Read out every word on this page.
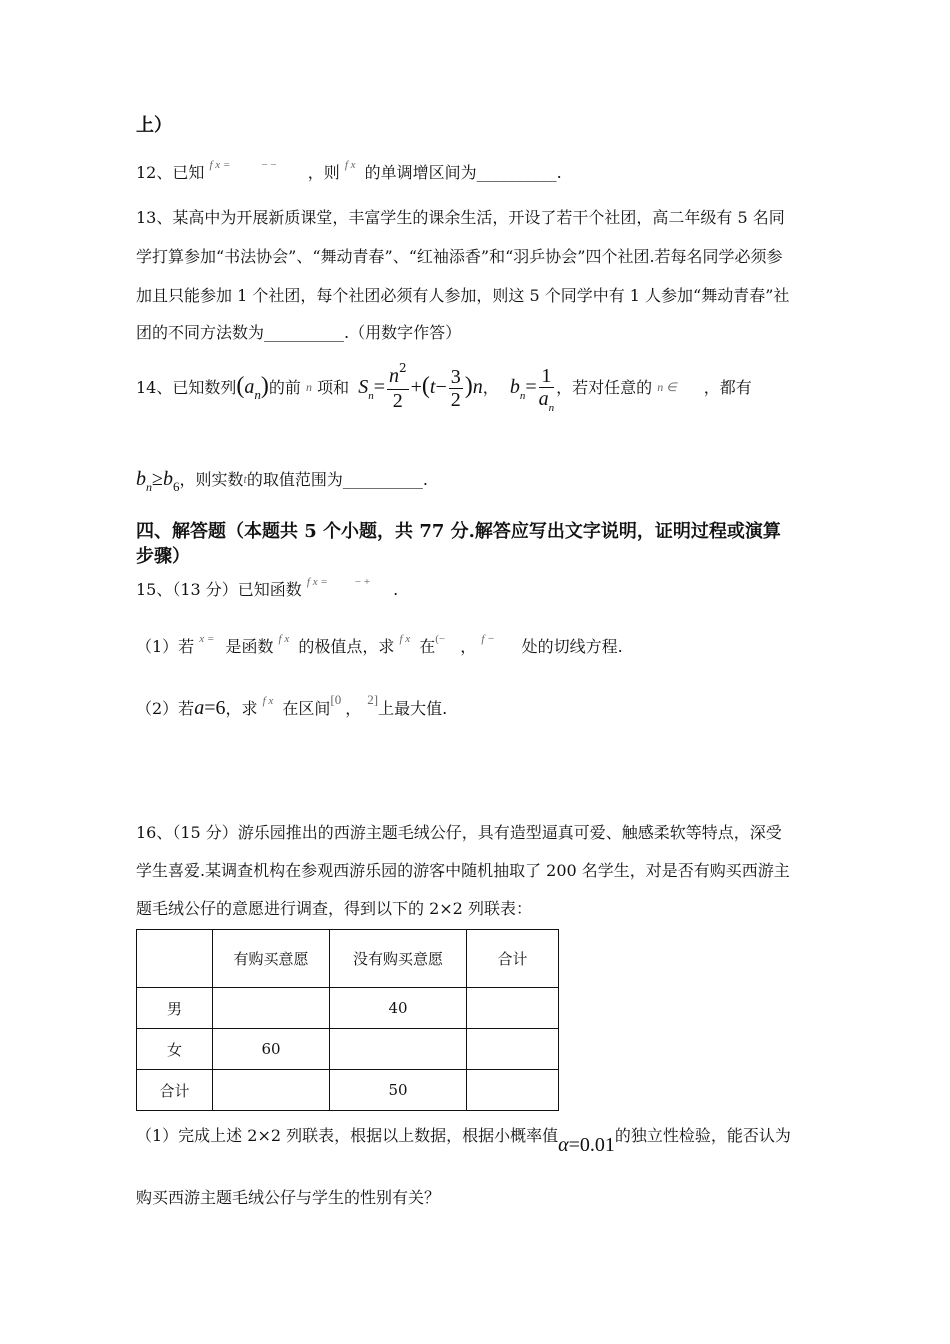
上）
12、已知 $^{f x =}$	− − ，则 $^{f x}$ 的单调增区间为__________.
13、某高中为开展新质课堂，丰富学生的课余生活，开设了若干个社团，高二年级有 5 名同
学打算参加“书法协会”、“舞动青春”、“红袖添香”和“羽乒协会”四个社团.若每名同学必须参
加且只能参加 1 个社团，每个社团必须有人参加，则这 5 个同学中有 1 人参加“舞动青春”社
团的不同方法数为__________.（用数字作答）
14、已知数列$(a_n)$的前 n 项和 $S_n= \frac{n^2}{2} +(t- \frac{3}{2} )n$， $b_n= \frac{1}{a_n}$ ，若对任意的 n ∈ ，都有
$b_n\ge b_6$，则实数t的取值范围为__________.
四、解答题（本题共 5 个小题，共 77 分.解答应写出文字说明，证明过程或演算
步骤）
15、（13 分）已知函数 $^{f x =}$ − + .
（1）若 $^{x =}$ 是函数 $^{f x}$ 的极值点，求 $^{f x}$ 在(− ， $^{f -}$ 处的切线方程.
（2）若a=6，求 $^{f x}$ 在区间$^{[0}$ ， $^{2]}$上最大值.
16、（15 分）游乐园推出的西游主题毛绒公仔，具有造型逼真可爱、触感柔软等特点，深受
学生喜爱.某调查机构在参观西游乐园的游客中随机抽取了 200 名学生，对是否有购买西游主
题毛绒公仔的意愿进行调查，得到以下的 2×2 列联表：
	有购买意愿	没有购买意愿	合计
男		40	
女	60		
合计		50	
（1）完成上述 2×2 列联表，根据以上数据，根据小概率值α=0.01的独立性检验，能否认为
购买西游主题毛绒公仔与学生的性别有关？
